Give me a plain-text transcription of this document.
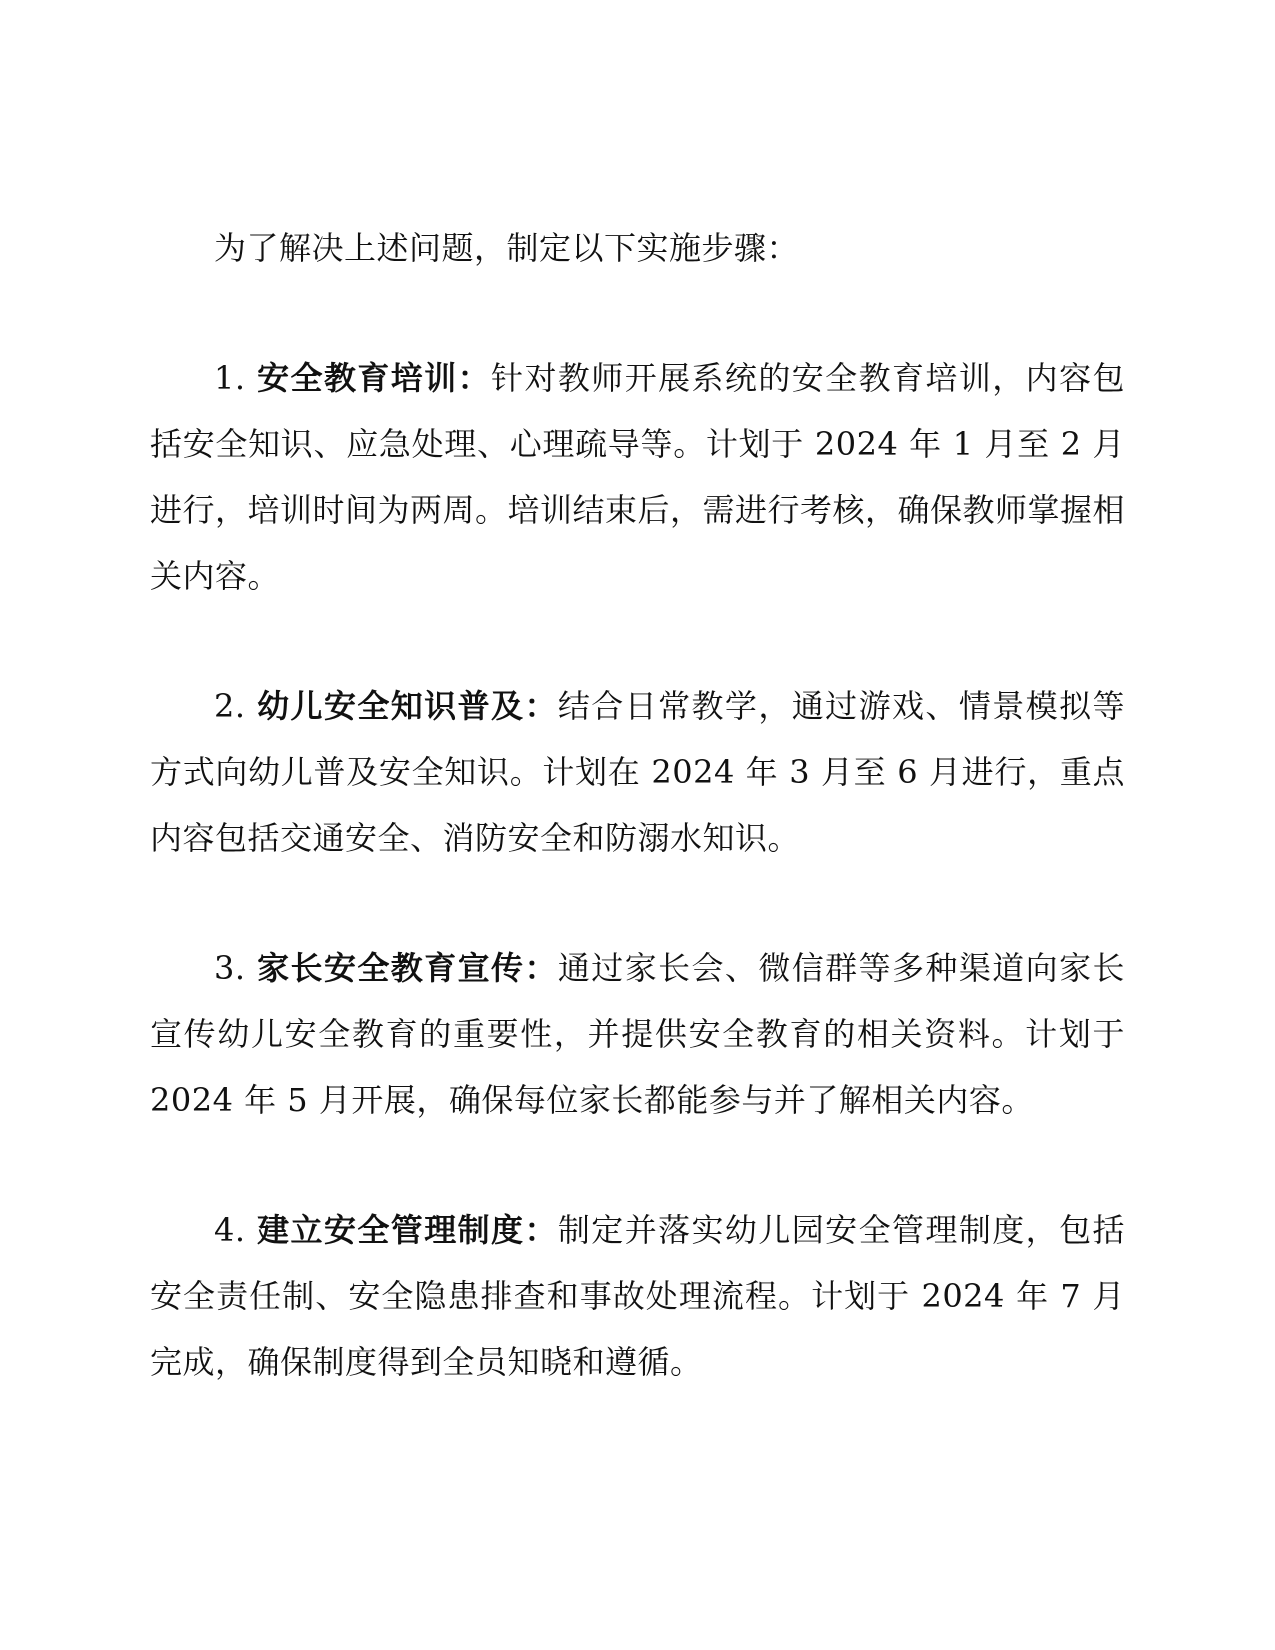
为了解决上述问题，制定以下实施步骤：

1. 安全教育培训：针对教师开展系统的安全教育培训，内容包括安全知识、应急处理、心理疏导等。计划于 2024 年 1 月至 2 月进行，培训时间为两周。培训结束后，需进行考核，确保教师掌握相关内容。

2. 幼儿安全知识普及：结合日常教学，通过游戏、情景模拟等方式向幼儿普及安全知识。计划在 2024 年 3 月至 6 月进行，重点内容包括交通安全、消防安全和防溺水知识。

3. 家长安全教育宣传：通过家长会、微信群等多种渠道向家长宣传幼儿安全教育的重要性，并提供安全教育的相关资料。计划于 2024 年 5 月开展，确保每位家长都能参与并了解相关内容。

4. 建立安全管理制度：制定并落实幼儿园安全管理制度，包括安全责任制、安全隐患排查和事故处理流程。计划于 2024 年 7 月完成，确保制度得到全员知晓和遵循。
